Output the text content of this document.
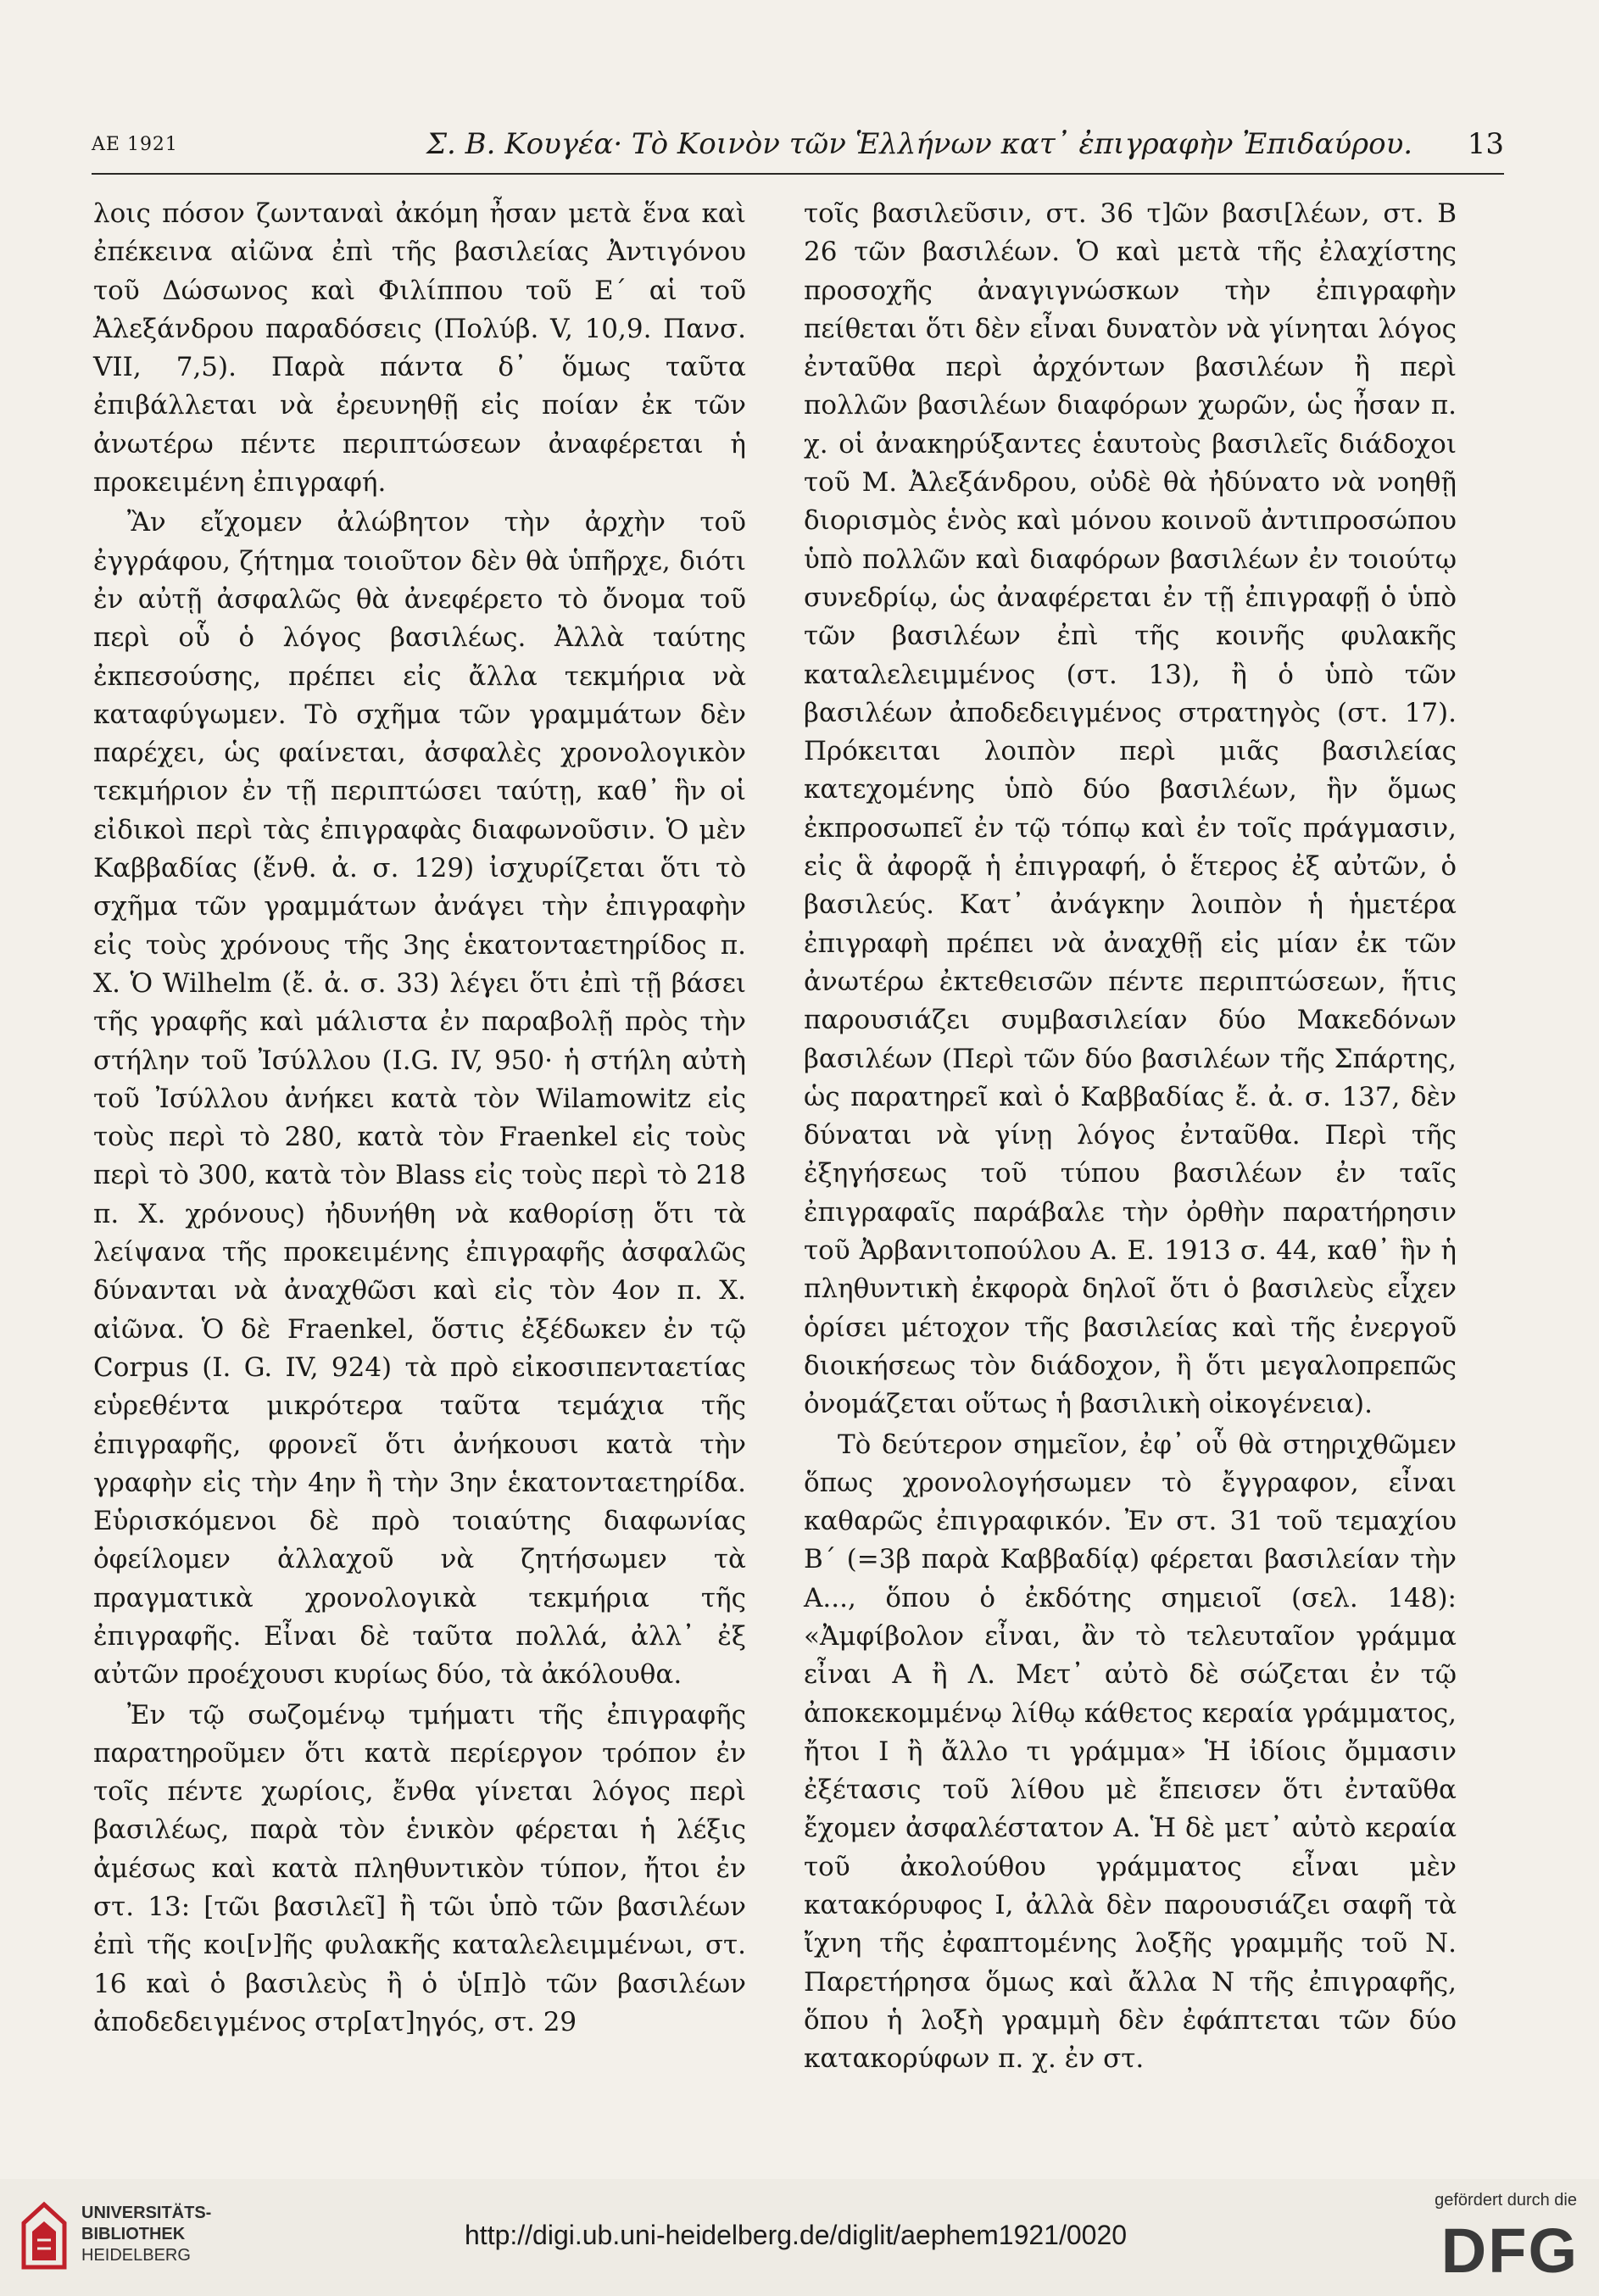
ΑΕ 1921	Σ. Β. Κουγέα· Τὸ Κοινὸν τῶν Ἑλλήνων κατ᾽ ἐπιγραφὴν Ἐπιδαύρου. 13

λοις πόσον ζωνταναὶ ἀκόμη ἦσαν μετὰ ἕνα καὶ ἐπέκεινα αἰῶνα ἐπὶ τῆς βασιλείας Ἀντιγόνου τοῦ Δώσωνος καὶ Φιλίππου τοῦ Ε΄ αἱ τοῦ Ἀλεξάνδρου παραδόσεις (Πολύβ. V, 10,9. Πανσ. VII, 7,5). Παρὰ πάντα δ᾽ ὅμως ταῦτα ἐπιβάλλεται νὰ ἐρευνηθῇ εἰς ποίαν ἐκ τῶν ἀνωτέρω πέντε περιπτώσεων ἀναφέρεται ἡ προκειμένη ἐπιγραφή.

Ἂν εἴχομεν ἀλώβητον τὴν ἀρχὴν τοῦ ἐγγράφου, ζήτημα τοιοῦτον δὲν θὰ ὑπῆρχε, διότι ἐν αὐτῇ ἀσφαλῶς θὰ ἀνεφέρετο τὸ ὄνομα τοῦ περὶ οὗ ὁ λόγος βασιλέως. Ἀλλὰ ταύτης ἐκπεσούσης, πρέπει εἰς ἄλλα τεκμήρια νὰ καταφύγωμεν. Τὸ σχῆμα τῶν γραμμάτων δὲν παρέχει, ὡς φαίνεται, ἀσφαλὲς χρονολογικὸν τεκμήριον ἐν τῇ περιπτώσει ταύτῃ, καθ᾽ ἣν οἱ εἰδικοὶ περὶ τὰς ἐπιγραφὰς διαφωνοῦσιν. Ὁ μὲν Καββαδίας (ἔνθ. ἀ. σ. 129) ἰσχυρίζεται ὅτι τὸ σχῆμα τῶν γραμμάτων ἀνάγει τὴν ἐπιγραφὴν εἰς τοὺς χρόνους τῆς 3ης ἑκατονταετηρίδος π. Χ. Ὁ Wilhelm (ἔ. ἀ. σ. 33) λέγει ὅτι ἐπὶ τῇ βάσει τῆς γραφῆς καὶ μάλιστα ἐν παραβολῇ πρὸς τὴν στήλην τοῦ Ἰσύλλου (I.G. IV, 950· ἡ στήλη αὐτὴ τοῦ Ἰσύλλου ἀνήκει κατὰ τὸν Wilamowitz εἰς τοὺς περὶ τὸ 280, κατὰ τὸν Fraenkel εἰς τοὺς περὶ τὸ 300, κατὰ τὸν Blass εἰς τοὺς περὶ τὸ 218 π. Χ. χρόνους) ἠδυνήθη νὰ καθορίσῃ ὅτι τὰ λείψανα τῆς προκειμένης ἐπιγραφῆς ἀσφαλῶς δύνανται νὰ ἀναχθῶσι καὶ εἰς τὸν 4ον π. Χ. αἰῶνα. Ὁ δὲ Fraenkel, ὅστις ἐξέδωκεν ἐν τῷ Corpus (I. G. IV, 924) τὰ πρὸ εἰκοσιπενταετίας εὑρεθέντα μικρότερα ταῦτα τεμάχια τῆς ἐπιγραφῆς, φρονεῖ ὅτι ἀνήκουσι κατὰ τὴν γραφὴν εἰς τὴν 4ην ἢ τὴν 3ην ἑκατονταετηρίδα. Εὑρισκόμενοι δὲ πρὸ τοιαύτης διαφωνίας ὀφείλομεν ἀλλαχοῦ νὰ ζητήσωμεν τὰ πραγματικὰ χρονολογικὰ τεκμήρια τῆς ἐπιγραφῆς. Εἶναι δὲ ταῦτα πολλά, ἀλλ᾽ ἐξ αὐτῶν προέχουσι κυρίως δύο, τὰ ἀκόλουθα.

Ἐν τῷ σωζομένῳ τμήματι τῆς ἐπιγραφῆς παρατηροῦμεν ὅτι κατὰ περίεργον τρόπον ἐν τοῖς πέντε χωρίοις, ἔνθα γίνεται λόγος περὶ βασιλέως, παρὰ τὸν ἑνικὸν φέρεται ἡ λέξις ἀμέσως καὶ κατὰ πληθυντικὸν τύπον, ἤτοι ἐν στ. 13: [τῶι βασιλεῖ] ἢ τῶι ὑπὸ τῶν βασιλέων ἐπὶ τῆς κοι[ν]ῆς φυλακῆς καταλελειμμένωι, στ. 16 καὶ ὁ βασιλεὺς ἢ ὁ ὑ[π]ὸ τῶν βασιλέων ἀποδεδειγμένος στρ[ατ]ηγός, στ. 29

τοῖς βασιλεῦσιν, στ. 36 τ]ῶν βασι[λέων, στ. Β 26 τῶν βασιλέων. Ὁ καὶ μετὰ τῆς ἐλαχίστης προσοχῆς ἀναγιγνώσκων τὴν ἐπιγραφὴν πείθεται ὅτι δὲν εἶναι δυνατὸν νὰ γίνηται λόγος ἐνταῦθα περὶ ἀρχόντων βασιλέων ἢ περὶ πολλῶν βασιλέων διαφόρων χωρῶν, ὡς ἦσαν π. χ. οἱ ἀνακηρύξαντες ἑαυτοὺς βασιλεῖς διάδοχοι τοῦ Μ. Ἀλεξάνδρου, οὐδὲ θὰ ἠδύνατο νὰ νοηθῇ διορισμὸς ἑνὸς καὶ μόνου κοινοῦ ἀντιπροσώπου ὑπὸ πολλῶν καὶ διαφόρων βασιλέων ἐν τοιούτῳ συνεδρίῳ, ὡς ἀναφέρεται ἐν τῇ ἐπιγραφῇ ὁ ὑπὸ τῶν βασιλέων ἐπὶ τῆς κοινῆς φυλακῆς καταλελειμμένος (στ. 13), ἢ ὁ ὑπὸ τῶν βασιλέων ἀποδεδειγμένος στρατηγὸς (στ. 17). Πρόκειται λοιπὸν περὶ μιᾶς βασιλείας κατεχομένης ὑπὸ δύο βασιλέων, ἣν ὅμως ἐκπροσωπεῖ ἐν τῷ τόπῳ καὶ ἐν τοῖς πράγμασιν, εἰς ἃ ἀφορᾷ ἡ ἐπιγραφή, ὁ ἕτερος ἐξ αὐτῶν, ὁ βασιλεύς. Κατ᾽ ἀνάγκην λοιπὸν ἡ ἡμετέρα ἐπιγραφὴ πρέπει νὰ ἀναχθῇ εἰς μίαν ἐκ τῶν ἀνωτέρω ἐκτεθεισῶν πέντε περιπτώσεων, ἥτις παρουσιάζει συμβασιλείαν δύο Μακεδόνων βασιλέων (Περὶ τῶν δύο βασιλέων τῆς Σπάρτης, ὡς παρατηρεῖ καὶ ὁ Καββαδίας ἔ. ἀ. σ. 137, δὲν δύναται νὰ γίνῃ λόγος ἐνταῦθα. Περὶ τῆς ἐξηγήσεως τοῦ τύπου βασιλέων ἐν ταῖς ἐπιγραφαῖς παράβαλε τὴν ὀρθὴν παρατήρησιν τοῦ Ἀρβανιτοπούλου Α. Ε. 1913 σ. 44, καθ᾽ ἣν ἡ πληθυντικὴ ἐκφορὰ δηλοῖ ὅτι ὁ βασιλεὺς εἶχεν ὁρίσει μέτοχον τῆς βασιλείας καὶ τῆς ἐνεργοῦ διοικήσεως τὸν διάδοχον, ἢ ὅτι μεγαλοπρεπῶς ὀνομάζεται οὕτως ἡ βασιλικὴ οἰκογένεια).

Τὸ δεύτερον σημεῖον, ἐφ᾽ οὗ θὰ στηριχθῶμεν ὅπως χρονολογήσωμεν τὸ ἔγγραφον, εἶναι καθαρῶς ἐπιγραφικόν. Ἐν στ. 31 τοῦ τεμαχίου Β΄ (=3β παρὰ Καββαδίᾳ) φέρεται βασιλείαν τὴν Α..., ὅπου ὁ ἐκδότης σημειοῖ (σελ. 148): «Ἀμφίβολον εἶναι, ἂν τὸ τελευταῖον γράμμα εἶναι Α ἢ Λ. Μετ᾽ αὐτὸ δὲ σώζεται ἐν τῷ ἀποκεκομμένῳ λίθῳ κάθετος κεραία γράμματος, ἤτοι Ι ἢ ἄλλο τι γράμμα» Ἡ ἰδίοις ὄμμασιν ἐξέτασις τοῦ λίθου μὲ ἔπεισεν ὅτι ἐνταῦθα ἔχομεν ἀσφαλέστατον Α. Ἡ δὲ μετ᾽ αὐτὸ κεραία τοῦ ἀκολούθου γράμματος εἶναι μὲν κατακόρυφος Ι, ἀλλὰ δὲν παρουσιάζει σαφῆ τὰ ἴχνη τῆς ἐφαπτομένης λοξῆς γραμμῆς τοῦ Ν. Παρετήρησα ὅμως καὶ ἄλλα Ν τῆς ἐπιγραφῆς, ὅπου ἡ λοξὴ γραμμὴ δὲν ἐφάπτεται τῶν δύο κατακορύφων π. χ. ἐν στ.

UNIVERSITÄTS-
BIBLIOTHEK
HEIDELBERG
http://digi.ub.uni-heidelberg.de/diglit/aephem1921/0020
gefördert durch die
DFG
